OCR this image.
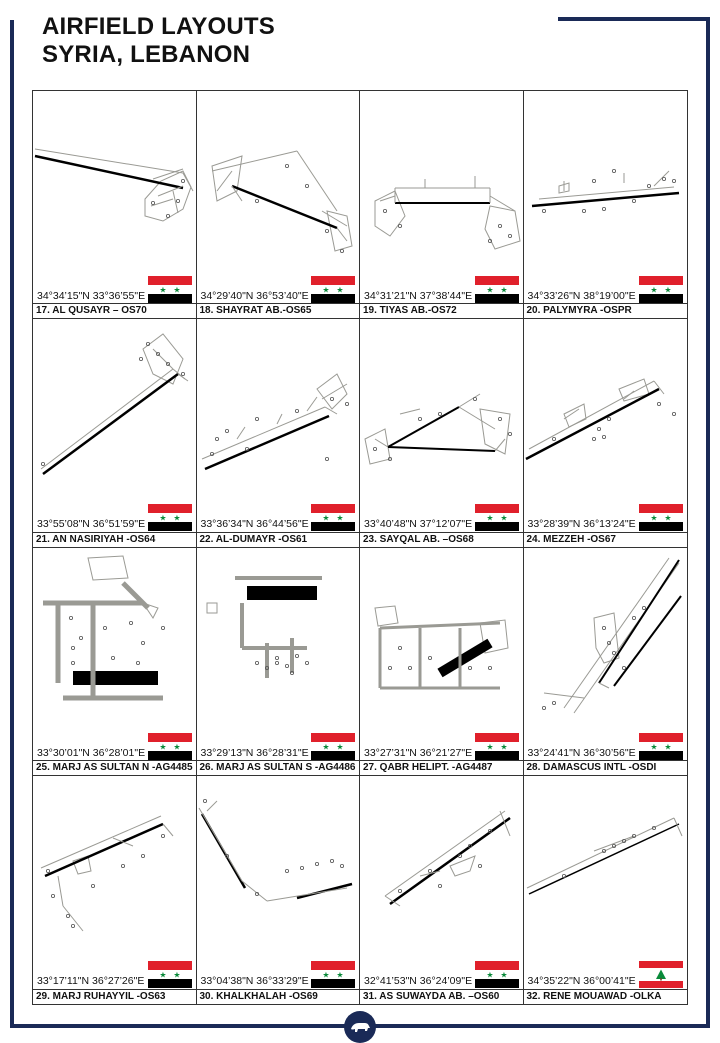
AIRFIELD LAYOUTS
SYRIA, LEBANON
★ ★
34°34’15"N 33°36’55"E
17. AL QUSAYR – OS70
★ ★
34°29’40"N 36°53’40"E
18. SHAYRAT AB.-OS65
★ ★
34°31’21"N 37°38’44"E
19. TIYAS AB.-OS72
★ ★
34°33’26"N 38°19’00"E
20. PALYMYRA -OSPR
★ ★
33°55’08"N 36°51’59"E
21. AN NASIRIYAH -OS64
★ ★
33°36’34"N 36°44’56"E
22. AL-DUMAYR -OS61
★ ★
33°40’48"N 37°12’07"E
23. SAYQAL AB. –OS68
★ ★
33°28’39"N 36°13’24"E
24. MEZZEH -OS67
★ ★
33°30’01"N 36°28’01"E
25. MARJ AS SULTAN N -AG4485
★ ★
33°29’13"N 36°28’31"E
26. MARJ AS SULTAN S -AG4486
★ ★
33°27’31"N 36°21’27"E
27. QABR HELIPT. -AG4487
★ ★
33°24’41"N 36°30’56"E
28. DAMASCUS INTL -OSDI
★ ★
33°17’11"N 36°27’26"E
29. MARJ RUHAYYIL -OS63
★ ★
33°04’38"N 36°33’29"E
30. KHALKHALAH -OS69
★ ★
32°41’53"N 36°24’09"E
31. AS SUWAYDA AB. –OS60
34°35’22"N 36°00’41"E
32. RENE MOUAWAD -OLKA
